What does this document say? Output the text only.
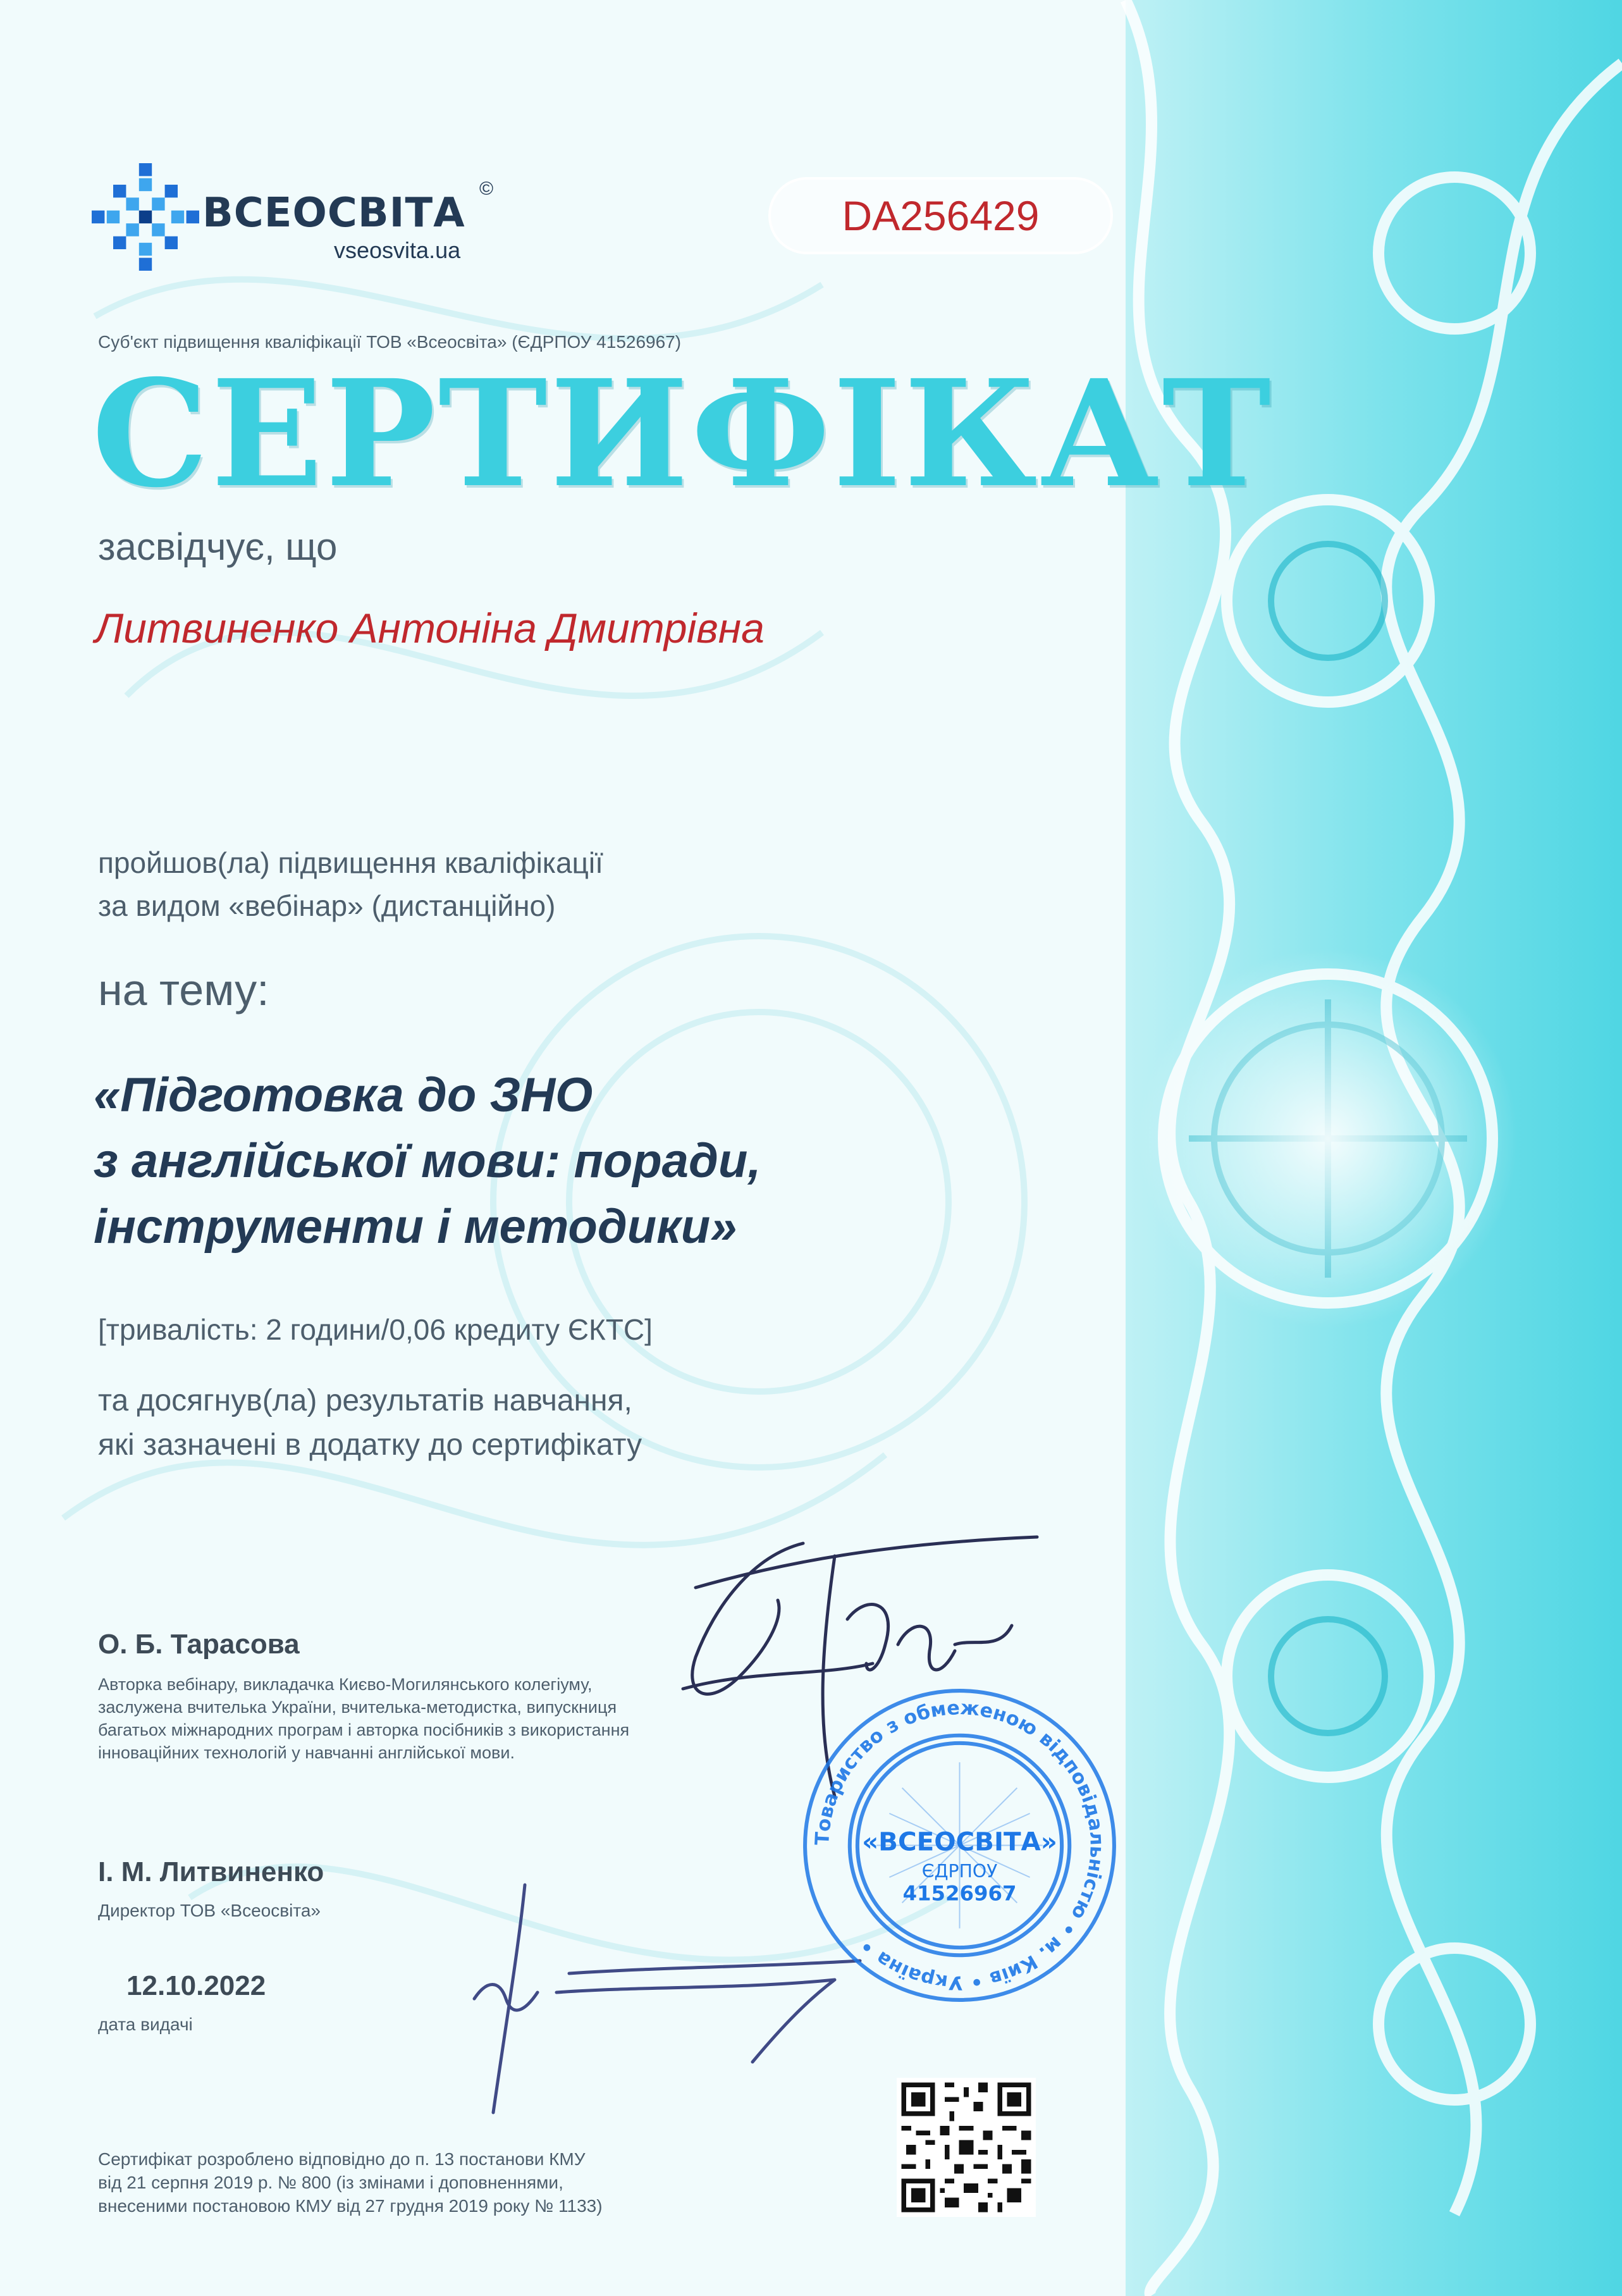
ВСЕОСВІТА
©
vseosvita.ua
DA256429
Суб'єкт підвищення кваліфікації ТОВ «Всеосвіта» (ЄДРПОУ 41526967)
СЕРТИФІКАТ
засвідчує, що
Литвиненко Антоніна Дмитрівна
пройшов(ла) підвищення кваліфікації
за видом «вебінар» (дистанційно)
на тему:
«Підготовка до ЗНО
з англійської мови: поради,
інструменти і методики»
[тривалість: 2 години/0,06 кредиту ЄКТС]
та досягнув(ла) результатів навчання,
які зазначені в додатку до сертифікату
О. Б. Тарасова
Авторка вебінару, викладачка Києво-Могилянського колегіуму,
заслужена вчителька України, вчителька-методистка, випускниця
багатьох міжнародних програм і авторка посібників з використання
інноваційних технологій у навчанні англійської мови.
І. М. Литвиненко
Директор ТОВ «Всеосвіта»
12.10.2022
дата видачі
Товариство з обмеженою відповідальністю • м. Київ • Україна •
«ВСЕОСВІТА»
ЄДРПОУ
41526967
Сертифікат розроблено відповідно до п. 13 постанови КМУ
від 21 серпня 2019 р. № 800 (із змінами і доповненнями,
внесеними постановою КМУ від 27 грудня 2019 року № 1133)
